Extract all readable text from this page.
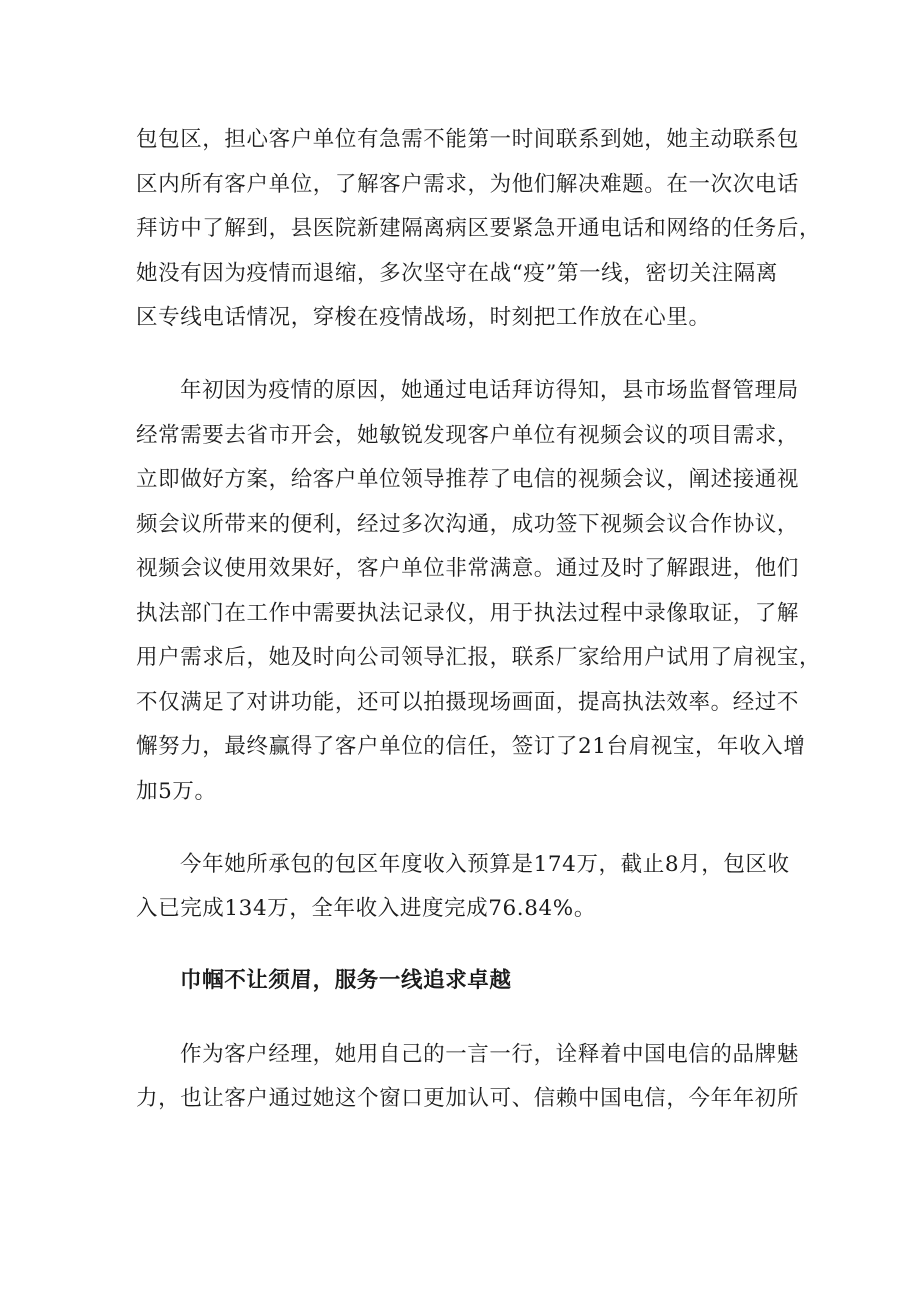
包包区，担心客户单位有急需不能第一时间联系到她，她主动联系包
区内所有客户单位，了解客户需求，为他们解决难题。在一次次电话
拜访中了解到，县医院新建隔离病区要紧急开通电话和网络的任务后，
她没有因为疫情而退缩，多次坚守在战“疫”第一线，密切关注隔离
区专线电话情况，穿梭在疫情战场，时刻把工作放在心里。
年初因为疫情的原因，她通过电话拜访得知，县市场监督管理局
经常需要去省市开会，她敏锐发现客户单位有视频会议的项目需求，
立即做好方案，给客户单位领导推荐了电信的视频会议，阐述接通视
频会议所带来的便利，经过多次沟通，成功签下视频会议合作协议，
视频会议使用效果好，客户单位非常满意。通过及时了解跟进，他们
执法部门在工作中需要执法记录仪，用于执法过程中录像取证，了解
用户需求后，她及时向公司领导汇报，联系厂家给用户试用了肩视宝，
不仅满足了对讲功能，还可以拍摄现场画面，提高执法效率。经过不
懈努力，最终赢得了客户单位的信任，签订了21台肩视宝，年收入增
加5万。
今年她所承包的包区年度收入预算是174万，截止8月，包区收
入已完成134万，全年收入进度完成76.84%。
巾帼不让须眉，服务一线追求卓越
作为客户经理，她用自己的一言一行，诠释着中国电信的品牌魅
力，也让客户通过她这个窗口更加认可、信赖中国电信，今年年初所
